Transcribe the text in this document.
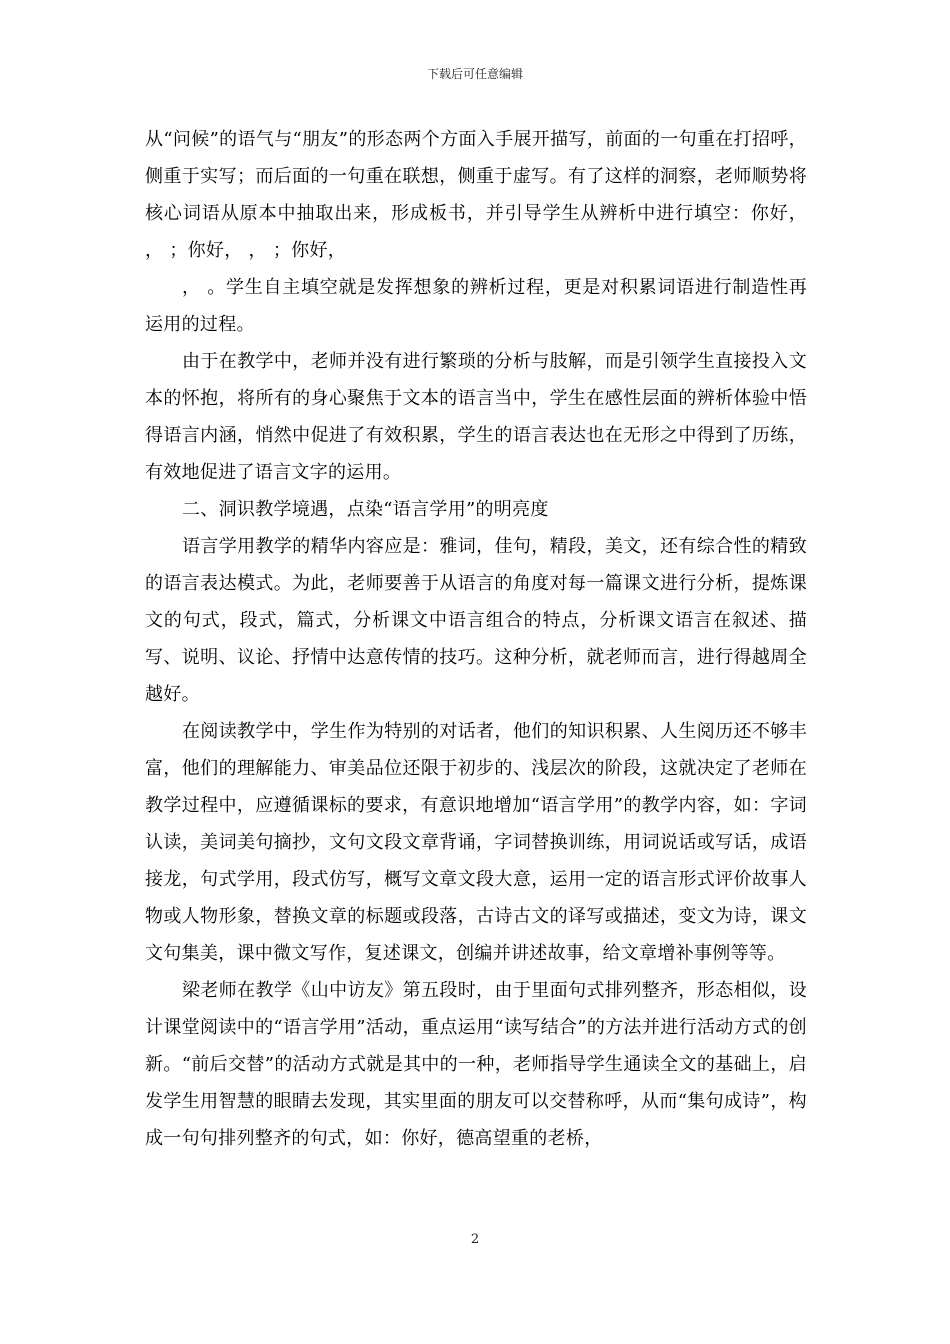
下载后可任意编辑

从“问候”的语气与“朋友”的形态两个方面入手展开描写，前面的一句重在打招呼，侧重于实写；而后面的一句重在联想，侧重于虚写。有了这样的洞察，老师顺势将核心词语从原本中抽取出来，形成板书，并引导学生从辨析中进行填空：你好， ， ；你好， ， ；你好，

， 。学生自主填空就是发挥想象的辨析过程，更是对积累词语进行制造性再运用的过程。

由于在教学中，老师并没有进行繁琐的分析与肢解，而是引领学生直接投入文本的怀抱，将所有的身心聚焦于文本的语言当中，学生在感性层面的辨析体验中悟得语言内涵，悄然中促进了有效积累，学生的语言表达也在无形之中得到了历练，有效地促进了语言文字的运用。

二、洞识教学境遇，点染“语言学用”的明亮度

语言学用教学的精华内容应是：雅词，佳句，精段，美文，还有综合性的精致的语言表达模式。为此，老师要善于从语言的角度对每一篇课文进行分析，提炼课文的句式，段式，篇式，分析课文中语言组合的特点，分析课文语言在叙述、描写、说明、议论、抒情中达意传情的技巧。这种分析，就老师而言，进行得越周全越好。

在阅读教学中，学生作为特别的对话者，他们的知识积累、人生阅历还不够丰富，他们的理解能力、审美品位还限于初步的、浅层次的阶段，这就决定了老师在教学过程中，应遵循课标的要求，有意识地增加“语言学用”的教学内容，如：字词认读，美词美句摘抄，文句文段文章背诵，字词替换训练，用词说话或写话，成语接龙，句式学用，段式仿写，概写文章文段大意，运用一定的语言形式评价故事人物或人物形象，替换文章的标题或段落，古诗古文的译写或描述，变文为诗，课文文句集美，课中微文写作，复述课文，创编并讲述故事，给文章增补事例等等。

梁老师在教学《山中访友》第五段时，由于里面句式排列整齐，形态相似，设计课堂阅读中的“语言学用”活动，重点运用“读写结合”的方法并进行活动方式的创新。“前后交替”的活动方式就是其中的一种，老师指导学生通读全文的基础上，启发学生用智慧的眼睛去发现，其实里面的朋友可以交替称呼，从而“集句成诗”，构成一句句排列整齐的句式，如：你好，德高望重的老桥，

2
